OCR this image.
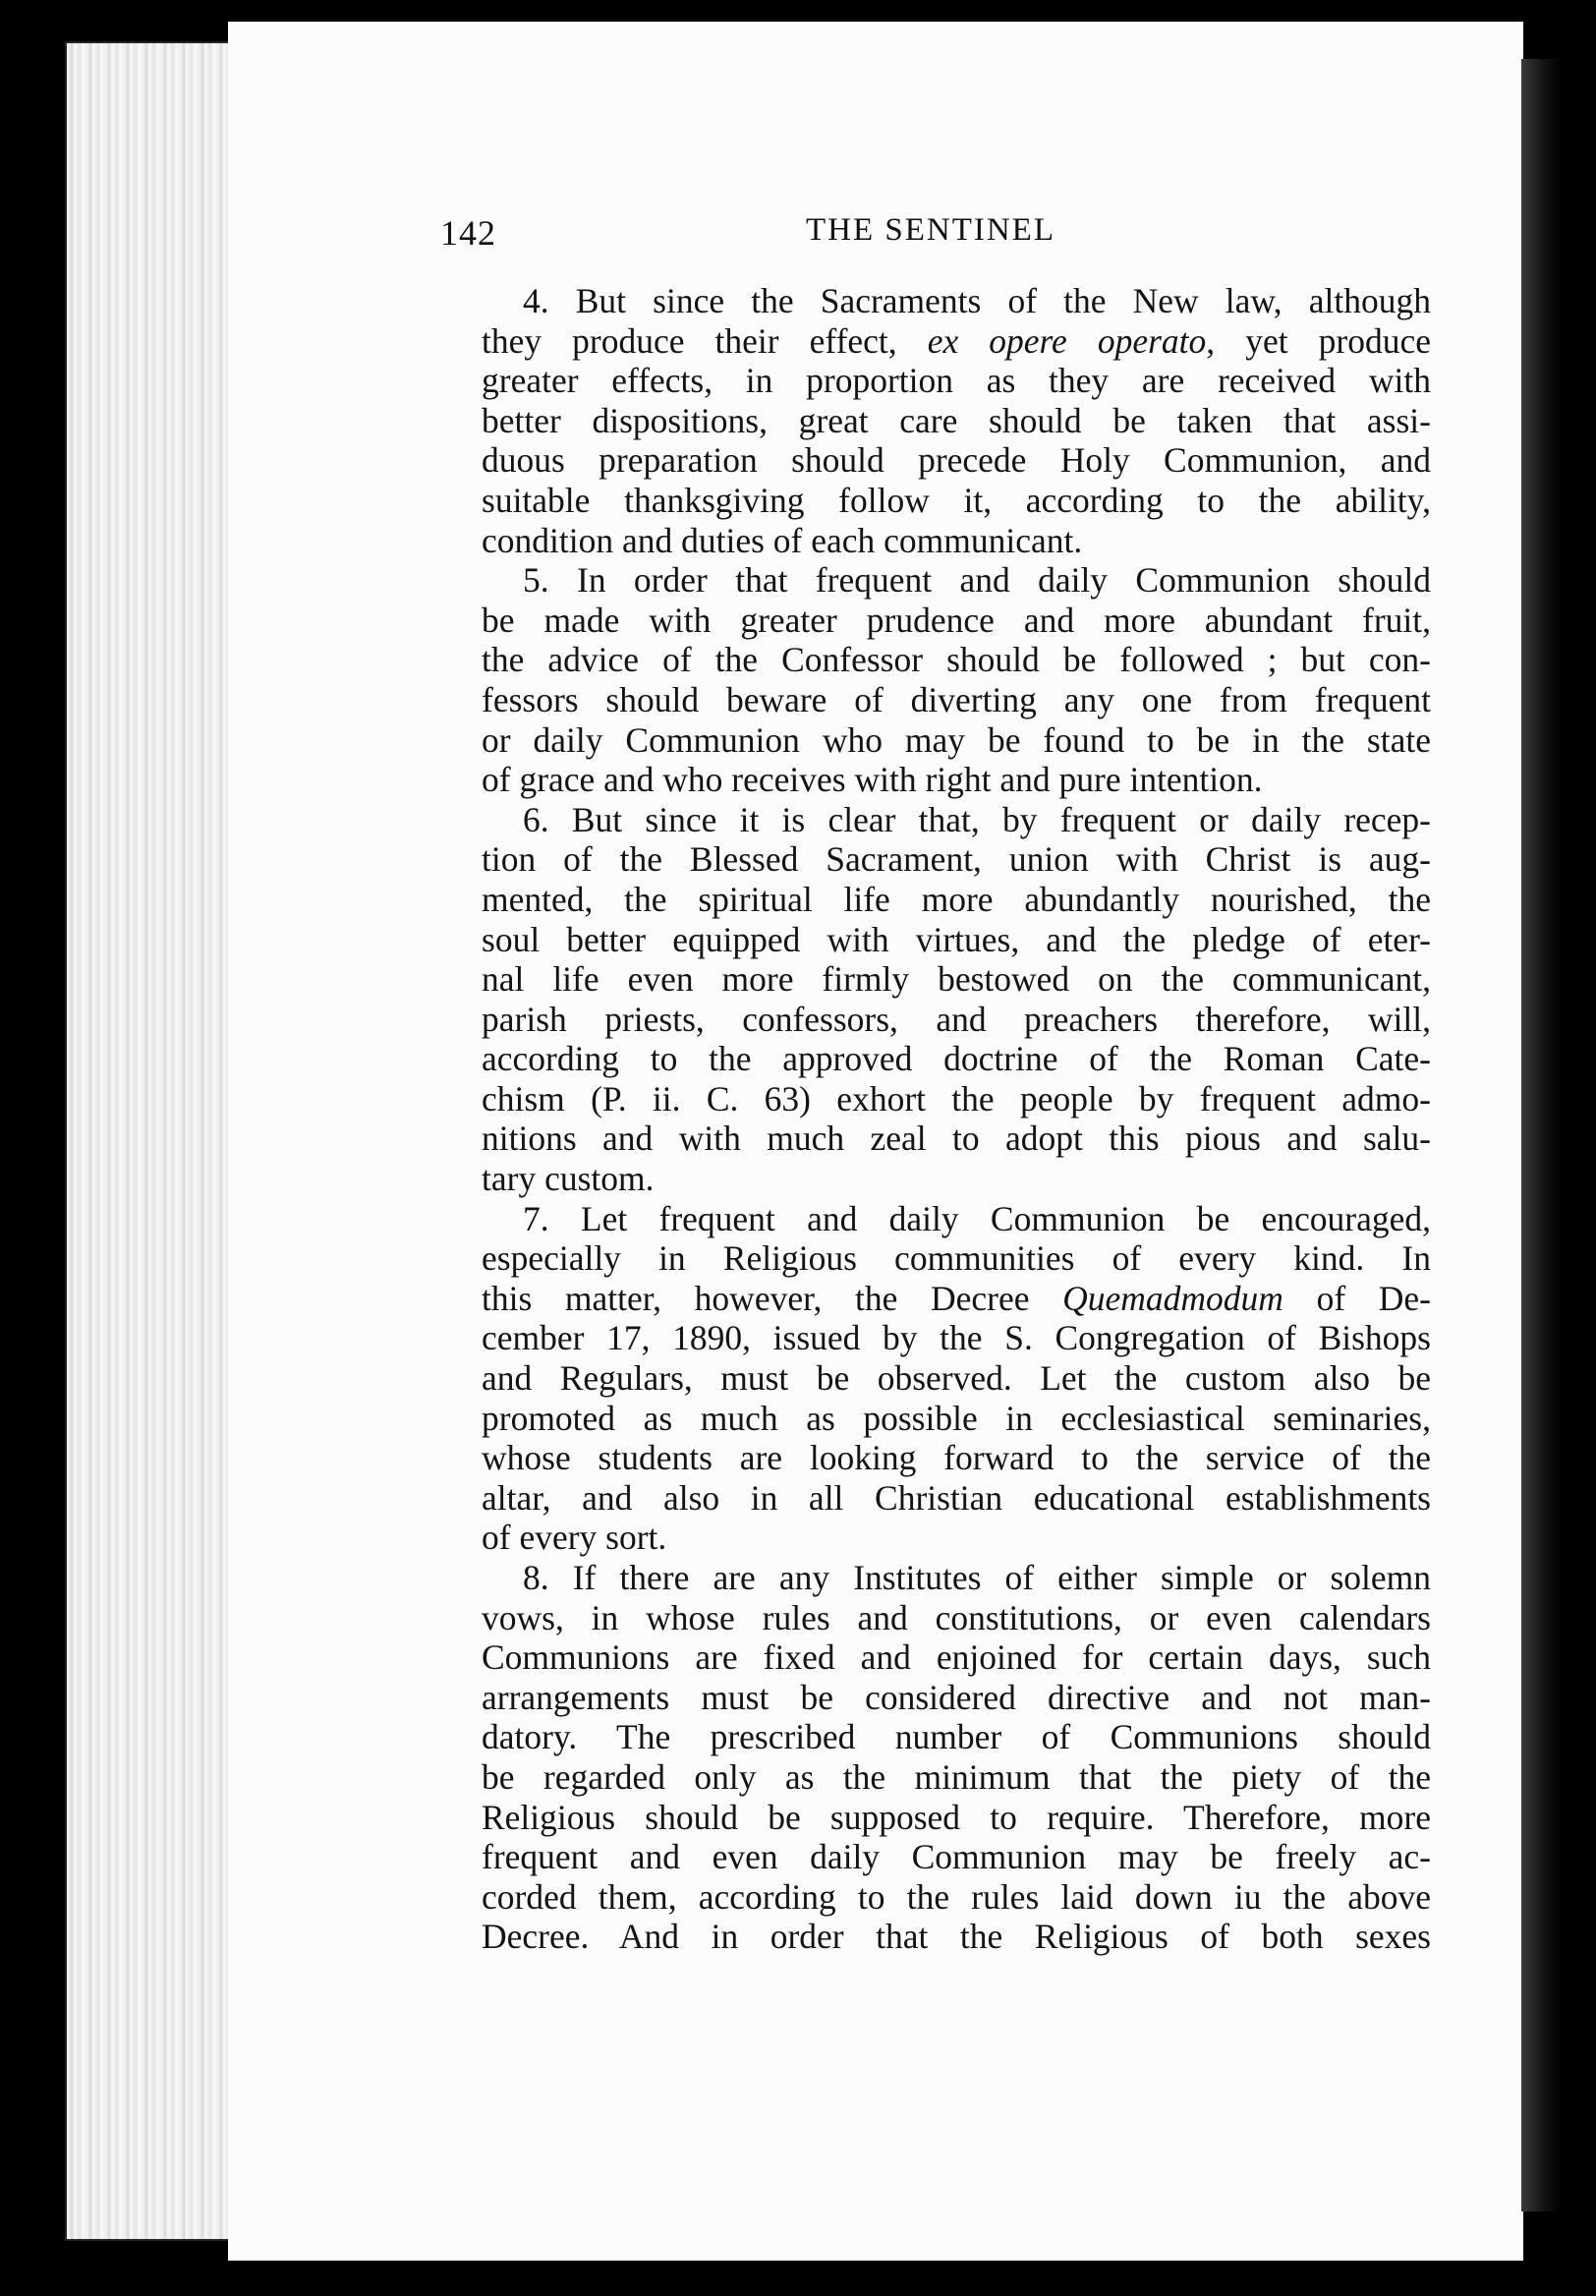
142	THE SENTINEL
4. But since the Sacraments of the New law, although
they produce their effect, ex opere operato, yet produce
greater effects, in proportion as they are received with
better dispositions, great care should be taken that assi-
duous preparation should precede Holy Communion, and
suitable thanksgiving follow it, according to the ability,
condition and duties of each communicant.
5. In order that frequent and daily Communion should
be made with greater prudence and more abundant fruit,
the advice of the Confessor should be followed ; but con-
fessors should beware of diverting any one from frequent
or daily Communion who may be found to be in the state
of grace and who receives with right and pure intention.
6. But since it is clear that, by frequent or daily recep-
tion of the Blessed Sacrament, union with Christ is aug-
mented, the spiritual life more abundantly nourished, the
soul better equipped with virtues, and the pledge of eter-
nal life even more firmly bestowed on the communicant,
parish priests, confessors, and preachers therefore, will,
according to the approved doctrine of the Roman Cate-
chism (P. ii. C. 63) exhort the people by frequent admo-
nitions and with much zeal to adopt this pious and salu-
tary custom.
7. Let frequent and daily Communion be encouraged,
especially in Religious communities of every kind. In
this matter, however, the Decree Quemadmodum of De-
cember 17, 1890, issued by the S. Congregation of Bishops
and Regulars, must be observed. Let the custom also be
promoted as much as possible in ecclesiastical seminaries,
whose students are looking forward to the service of the
altar, and also in all Christian educational establishments
of every sort.
8. If there are any Institutes of either simple or solemn
vows, in whose rules and constitutions, or even calendars
Communions are fixed and enjoined for certain days, such
arrangements must be considered directive and not man-
datory. The prescribed number of Communions should
be regarded only as the minimum that the piety of the
Religious should be supposed to require. Therefore, more
frequent and even daily Communion may be freely ac-
corded them, according to the rules laid down iu the above
Decree. And in order that the Religious of both sexes
